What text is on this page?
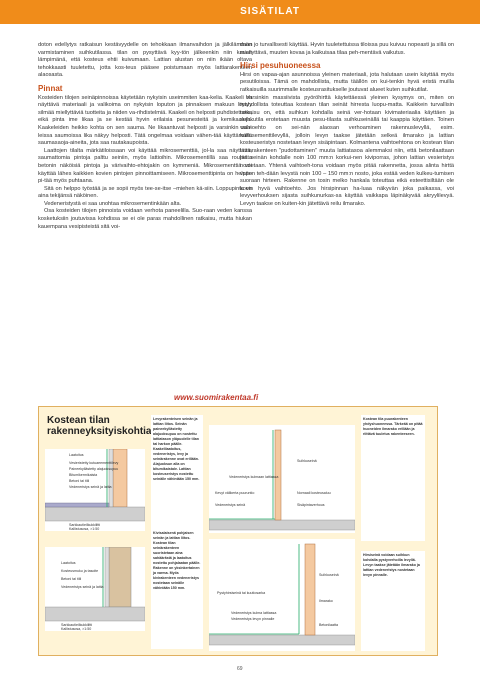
SISÄTILAT

doton edellytys ratkaisun kestävyydelle on tehokkaan ilmanvaihdon ja jälkilämmön varmistaminen suihkutilassa. tilan on pysyttävä kyy-tön jälkeenkin niin kauan lämpimänä, että kosteus ehtii kuivumaan. Lattian alustan on niin ikään oltava tehokkaasti tuuletettu, jotta kos-teus pääsee poistumaan myös lattiarakenteen alaosasta.

Pinnat

Kosteiden tilojen seinäpinnoissa käytetään nykyisin useimmiten kaa-kelia. Kaakeli on näyttävä materiaali ja valikoima on nykyisin loputon ja pinnaksen makuun löytyy silmää miellyttäviä tuotteita ja niiden va-rihdistelmiä. Kaakeli on helposti puhdistettava, eikä pinta ime likaa ja se kestää hyvin erilaisia pesunesteitä ja kemikaaleja. Kaakeleiden heikko kohta on sen sauma. Ne likaantuvat helposti ja varsinkin vaa-leissa saumoissa lika näkyy helposti. Tätä ongelmaa voidaan vähen-tää käyttämällä saumasaoja-aineita, jota saa rautakaupoista.

Laattojen tilalta märkätiloissaan voi käyttää mikrosementtiä, jol-la saa näyttävä, saumattomia pintoja palttu seiniin, myös lattioihin. Mikrosementillä saa rouheita betonin näköisiä pintoja ja värivaihto-ehtojakin on kymmeniä. Mikrosementtiä voi käyttää lähes kaikkien kovien pintojen pinnoittamiseen. Mikrosementtipinta on helppo pi-tää myös puhtaana.

Sitä on helppo työstää ja se sopii myös tee-se-itse –miehen kä-siin. Loppupinta on aina tekijänsä näköinen.

Vedeneristystä ei saa unohtaa mikrosementinkään alta.

Osa kosteiden tilojen pinnoista voidaan verhota paneelilla. Suo-raan veden kanssa kosketuksiin joutuvissa kohdissa se ei ole paras mahdollinen ratkaisu, mutta hiukan kauempana vesipisteistä sitä voi-

daan jo turvallisesti käyttää. Hyvin tuuletettuissa tiloissa puu kuivuu nopeasti ja sillä on miellyttävä, muuten kovaa ja kaikuisaa tilaa peh-mentävä vaikutus.

Hirsi pesuhuoneessa

Hirsi on vapaa-ajan asunnoissa yleinen materiaali, jota halutaan usein käyttää myös pesutiloissa. Tämä on mahdollista, mutta täällön on kui-tenkin hyvä eristä muilla ratkaisuilla suurimmalle kosteusrasitukselle joutuvat alueet kuten suihkutilat.

Varsinkin massiivista pyöröhirttä käytettäessä yleinen kysymys on, miten on mahdollista toteuttaa kostean tilan seinät hirresta luopu-matta. Kaikkein turvallisin ratkaisu on, että suihkun kohdalla seinä ver-hotaan kivimateriaalia käyttäen ja suihkutila erotetaan muusta pesu-tilasta suihkuseinällä tai kaappia käyttäen. Toinen vaihtoehto on sei-nän alaosan verhoaminen rakennuslevyllä, esim. kuitusementtilevyllä, jolloin levyn taakse jätetään selkeä ilmarako ja lattian kosteuseristys nostetaan levyn sisäpintaan. Kolmantena vaihtoehtona on kostean tilan lattiarakenteen "pudottaminen" muuta lattiatasoa alemmaksi niin, että betonilaattaan jää seinän kohdalle noin 100 mm:n korkui-nen kiviporras, johon lattian vesieristys nostetaan. Yhtenä vaihtoeh-tona voidaan myös pitää rakennetta, jossa alinta hirttä vaiten teh-dään levystä noin 100 – 150 mm:n nosto, joka estää veden kulkeu-tumisen suoraan hirteen. Rakenne on tosin melko hankala toteuttaa eikä esteettisiltään ole kovin hyvä vaihtoehto. Jos hirsipinnan ha-luaa näkyvän joka paikassa, voi levyverhouksen sijasta suihkunurkas-sa käyttää vaikkapa läpinäkyvää akryylilevyä. Levyn taakse on kuiten-kin jätettävä reilu ilmarako.

www.suomirakentaa.fi
Kostean tilan rakenneyksityiskohtia
Laatoitus
Vesieristetty kutuaeementtilevy
Paineekyllästetty alajuoksupuu
Bitumikermikaista
Betoni tai tiili
Vedeneristys seinä ja lattia
Sarkkautieilkukkiiltti
Kallistusosa, >1:50
Levyrakenteisen seinän ja lattian liitos. Seinän paineekyllästetty alajuoksupuu on nostettu lattiatason yläpuolelle tilan tai harkon päälle. Kaakelilaatoitus, vedeneristys, levy ja seinärakenne ovat erillään. Alajuoksun alla on bitumikaistale. Lattian kosteuseristys nostettu seinälle vähintään 150 mm.
Suihkuseinä
Vedeneristys kulmaan lattiassa
Kevyt välikerta puuruntio	Nornaali kosteusaluu
Sisäpintaverhous
Vedeneristys seinä
Kostean tila puurakenteen yhdyshuoneessa. Tärkeää on pitää huoneiden ilmarako erillään ja riittävä tuuletus rakenteeseen.
Laatoitus
Kosteusmuku ja tasoite
Betoni tai tiili
Vedeneristys seinä ja lattia
Sarkkautieilkukkiiltti
Kallistusosa, >1:50
Kivisalaisenä pohjaisen seinän ja lattian liitos. Kostean tilan seinärakenteen suoristetaan aina sahäärästä ja laatoitus nostettu pohjalaatan päälle. Rakenne on yksinkertainen ja varma. Myös kivirakenteen vedeneristys nostetaan seinälle vähintään 150 mm.
Suihkuseinä
Pystyhirsiseinä tai kuutiosarka
Vedeneristys kulma lattiassa
Vedeneristys levyn pinnalle
Betonilaatta
Ilmarako
Hirsiseinä voidaan suihkun kohdalla pystyverhoilla levyllä. Levyn taakse jätetään ilmarako ja lattian vedeneristys nostetaan levyn pinnalle.
69
